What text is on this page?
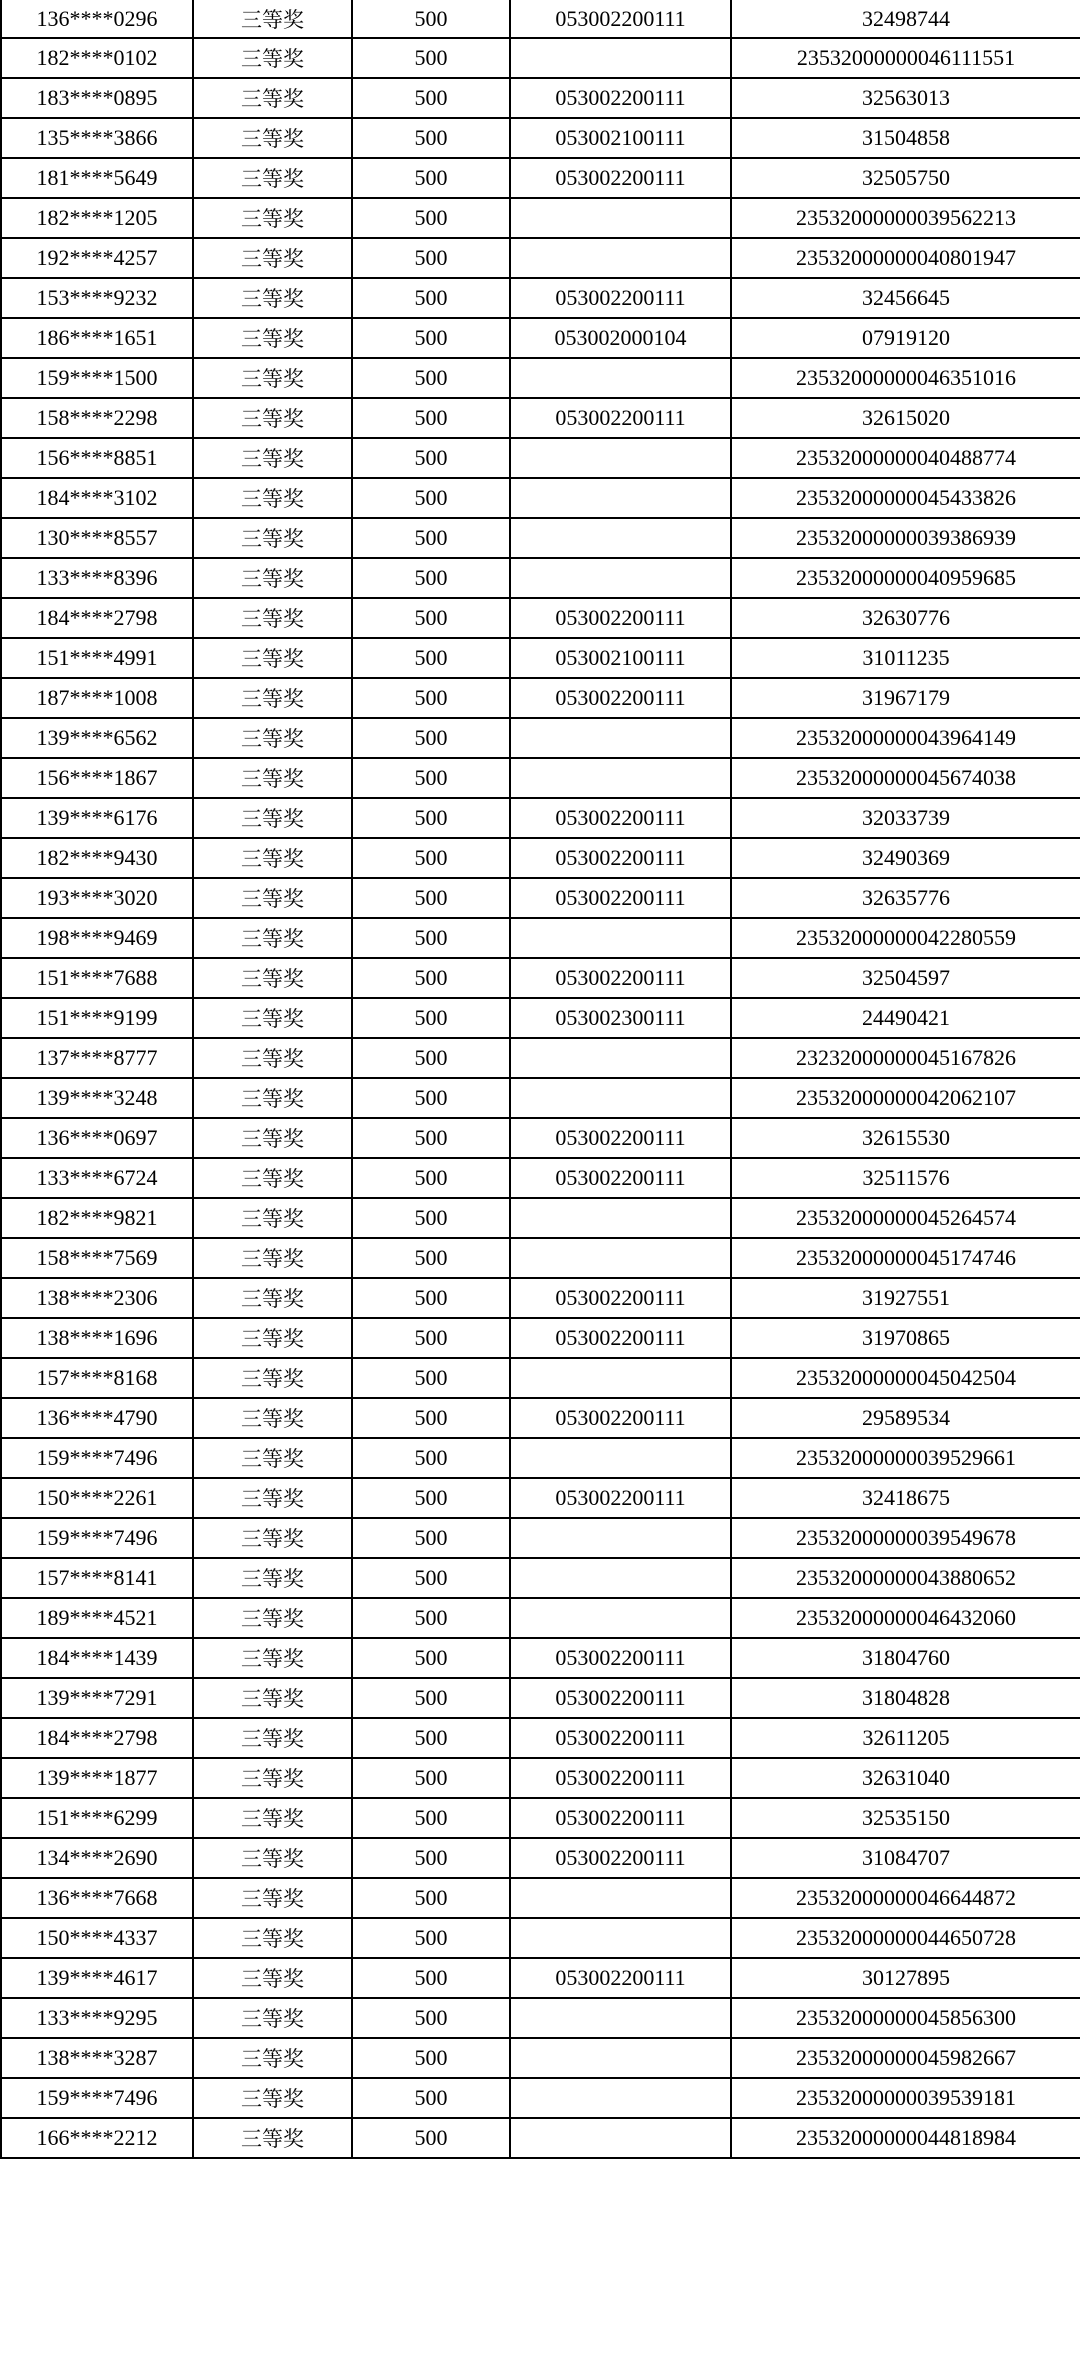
136****0296	三等奖	500	053002200111	32498744
182****0102	三等奖	500		23532000000046111551
183****0895	三等奖	500	053002200111	32563013
135****3866	三等奖	500	053002100111	31504858
181****5649	三等奖	500	053002200111	32505750
182****1205	三等奖	500		23532000000039562213
192****4257	三等奖	500		23532000000040801947
153****9232	三等奖	500	053002200111	32456645
186****1651	三等奖	500	053002000104	07919120
159****1500	三等奖	500		23532000000046351016
158****2298	三等奖	500	053002200111	32615020
156****8851	三等奖	500		23532000000040488774
184****3102	三等奖	500		23532000000045433826
130****8557	三等奖	500		23532000000039386939
133****8396	三等奖	500		23532000000040959685
184****2798	三等奖	500	053002200111	32630776
151****4991	三等奖	500	053002100111	31011235
187****1008	三等奖	500	053002200111	31967179
139****6562	三等奖	500		23532000000043964149
156****1867	三等奖	500		23532000000045674038
139****6176	三等奖	500	053002200111	32033739
182****9430	三等奖	500	053002200111	32490369
193****3020	三等奖	500	053002200111	32635776
198****9469	三等奖	500		23532000000042280559
151****7688	三等奖	500	053002200111	32504597
151****9199	三等奖	500	053002300111	24490421
137****8777	三等奖	500		23232000000045167826
139****3248	三等奖	500		23532000000042062107
136****0697	三等奖	500	053002200111	32615530
133****6724	三等奖	500	053002200111	32511576
182****9821	三等奖	500		23532000000045264574
158****7569	三等奖	500		23532000000045174746
138****2306	三等奖	500	053002200111	31927551
138****1696	三等奖	500	053002200111	31970865
157****8168	三等奖	500		23532000000045042504
136****4790	三等奖	500	053002200111	29589534
159****7496	三等奖	500		23532000000039529661
150****2261	三等奖	500	053002200111	32418675
159****7496	三等奖	500		23532000000039549678
157****8141	三等奖	500		23532000000043880652
189****4521	三等奖	500		23532000000046432060
184****1439	三等奖	500	053002200111	31804760
139****7291	三等奖	500	053002200111	31804828
184****2798	三等奖	500	053002200111	32611205
139****1877	三等奖	500	053002200111	32631040
151****6299	三等奖	500	053002200111	32535150
134****2690	三等奖	500	053002200111	31084707
136****7668	三等奖	500		23532000000046644872
150****4337	三等奖	500		23532000000044650728
139****4617	三等奖	500	053002200111	30127895
133****9295	三等奖	500		23532000000045856300
138****3287	三等奖	500		23532000000045982667
159****7496	三等奖	500		23532000000039539181
166****2212	三等奖	500		23532000000044818984
